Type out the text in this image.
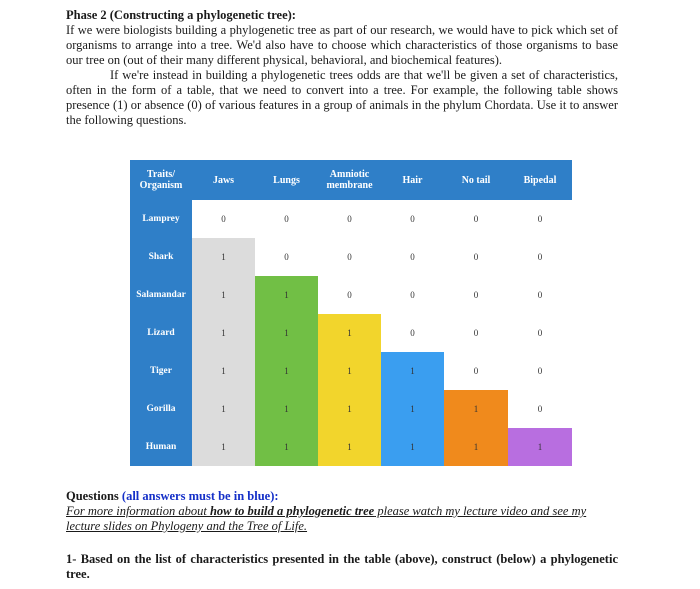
Phase 2 (Constructing a phylogenetic tree):

If we were biologists building a phylogenetic tree as part of our research, we would have to pick which set of organisms to arrange into a tree. We'd also have to choose which characteristics of those organisms to base our tree on (out of their many different physical, behavioral, and biochemical features).

If we're instead in building a phylogenetic trees odds are that we'll be given a set of characteristics, often in the form of a table, that we need to convert into a tree. For example, the following table shows presence (1) or absence (0) of various features in a group of animals in the phylum Chordata. Use it to answer the following questions.

Traits/ Organism	Jaws	Lungs	Amniotic membrane	Hair	No tail	Bipedal
Lamprey	0	0	0	0	0	0
Shark	1	0	0	0	0	0
Salamandar	1	1	0	0	0	0
Lizard	1	1	1	0	0	0
Tiger	1	1	1	1	0	0
Gorilla	1	1	1	1	1	0
Human	1	1	1	1	1	1
Questions (all answers must be in blue):
For more information about how to build a phylogenetic tree please watch my lecture video and see my lecture slides on Phylogeny and the Tree of Life.
1- Based on the list of characteristics presented in the table (above), construct (below) a phylogenetic tree.
